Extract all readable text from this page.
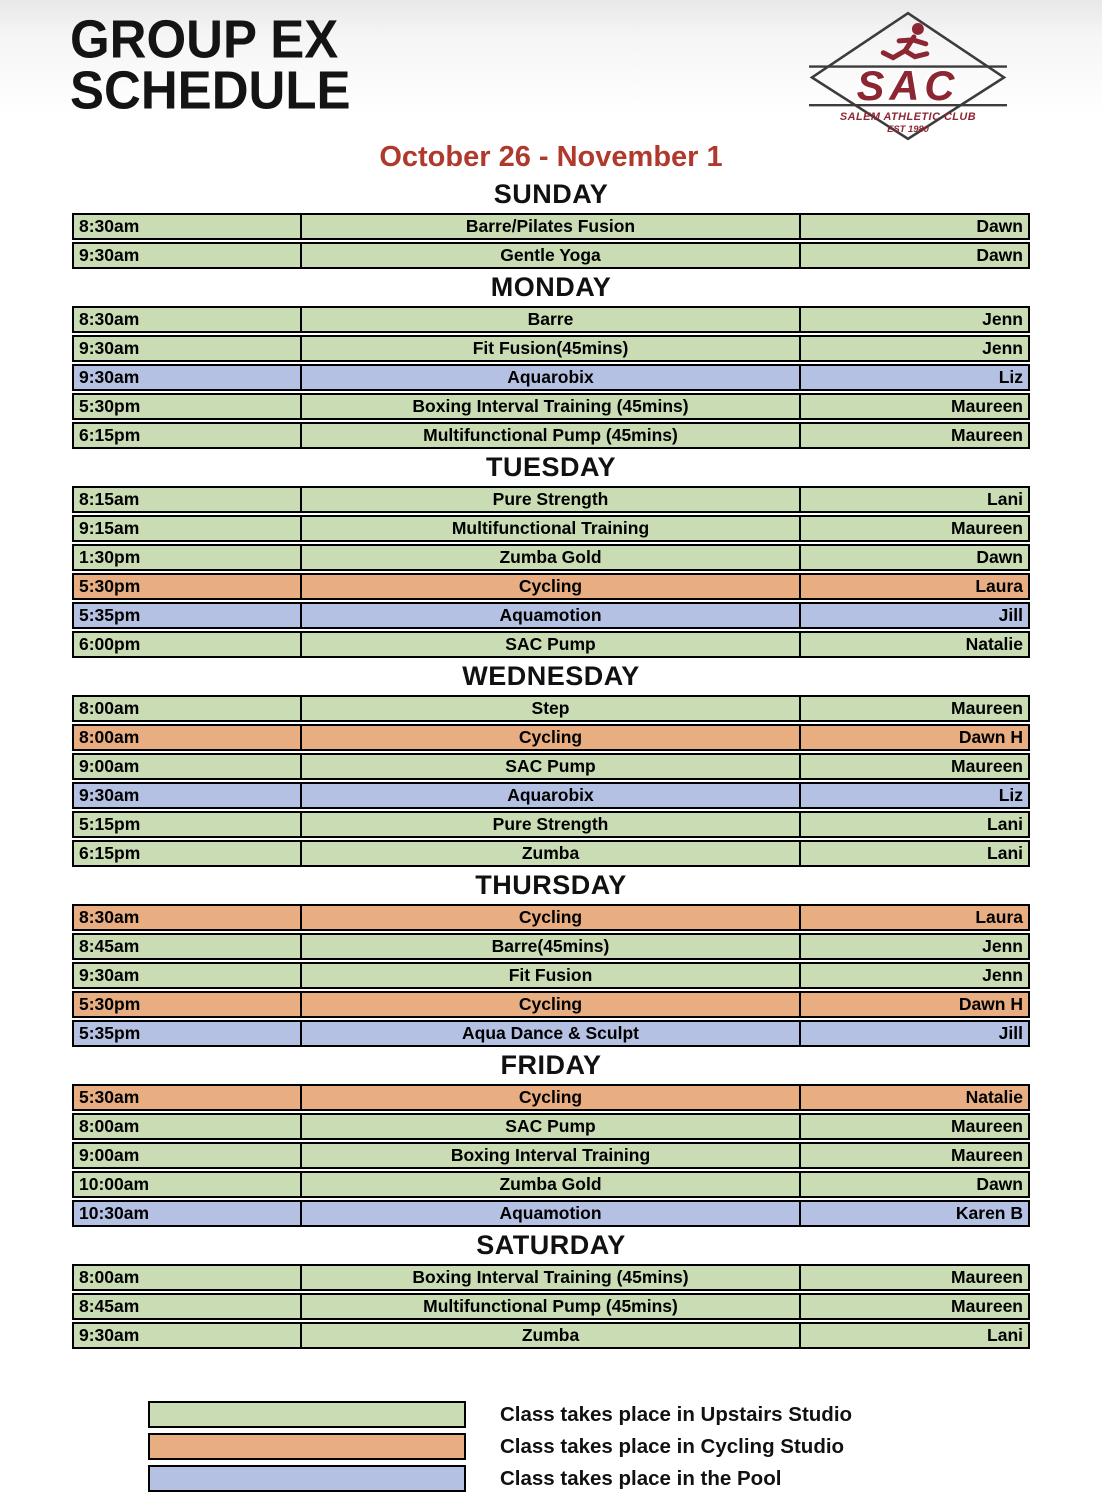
GROUP EX
SCHEDULE	SAC
SALEM ATHLETIC CLUB
EST 1980
October 26 - November 1
SUNDAY
8:30am	Barre/Pilates Fusion	Dawn
9:30am	Gentle Yoga	Dawn
MONDAY
8:30am	Barre	Jenn
9:30am	Fit Fusion(45mins)	Jenn
9:30am	Aquarobix	Liz
5:30pm	Boxing Interval Training (45mins)	Maureen
6:15pm	Multifunctional Pump (45mins)	Maureen
TUESDAY
8:15am	Pure Strength	Lani
9:15am	Multifunctional Training	Maureen
1:30pm	Zumba Gold	Dawn
5:30pm	Cycling	Laura
5:35pm	Aquamotion	Jill
6:00pm	SAC Pump	Natalie
WEDNESDAY
8:00am	Step	Maureen
8:00am	Cycling	Dawn H
9:00am	SAC Pump	Maureen
9:30am	Aquarobix	Liz
5:15pm	Pure Strength	Lani
6:15pm	Zumba	Lani
THURSDAY
8:30am	Cycling	Laura
8:45am	Barre(45mins)	Jenn
9:30am	Fit Fusion	Jenn
5:30pm	Cycling	Dawn H
5:35pm	Aqua Dance & Sculpt	Jill
FRIDAY
5:30am	Cycling	Natalie
8:00am	SAC Pump	Maureen
9:00am	Boxing Interval Training	Maureen
10:00am	Zumba Gold	Dawn
10:30am	Aquamotion	Karen B
SATURDAY
8:00am	Boxing Interval Training (45mins)	Maureen
8:45am	Multifunctional Pump (45mins)	Maureen
9:30am	Zumba	Lani
Class takes place in Upstairs Studio
Class takes place in Cycling Studio
Class takes place in the Pool
